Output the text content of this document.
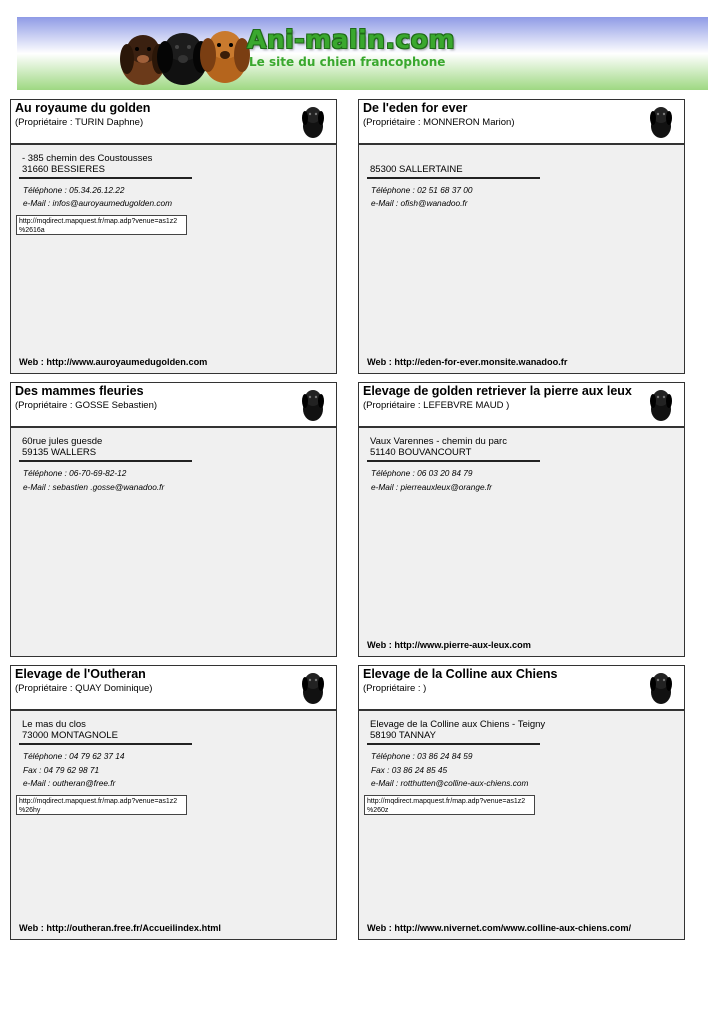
Ani-malin.com
Le site du chien francophone
Au royaume du golden
(Propriétaire : TURIN Daphne)
- 385 chemin des Coustousses
31660 BESSIERES
Téléphone : 05.34.26.12.22
e-Mail : infos@auroyaumedugolden.com
http://mqdirect.mapquest.fr/map.adp?venue=as1z2 %2616a
Web : http://www.auroyaumedugolden.com
De l'eden for ever
(Propriétaire : MONNERON Marion)
85300 SALLERTAINE
Téléphone : 02 51 68 37 00
e-Mail : ofish@wanadoo.fr
Web : http://eden-for-ever.monsite.wanadoo.fr
Des mammes fleuries
(Propriétaire : GOSSE Sebastien)
60rue jules guesde
59135 WALLERS
Téléphone : 06-70-69-82-12
e-Mail : sebastien .gosse@wanadoo.fr
Elevage de golden retriever la pierre aux leux
(Propriétaire : LEFEBVRE MAUD )
Vaux Varennes - chemin du parc
51140 BOUVANCOURT
Téléphone : 06 03 20 84 79
e-Mail : pierreauxleux@orange.fr
Web : http://www.pierre-aux-leux.com
Elevage de l'Outheran
(Propriétaire : QUAY Dominique)
Le mas du clos
73000 MONTAGNOLE
Téléphone : 04 79 62 37 14
Fax : 04 79 62 98 71
e-Mail : outheran@free.fr
http://mqdirect.mapquest.fr/map.adp?venue=as1z2 %26hy
Web : http://outheran.free.fr/Accueilindex.html
Elevage de la Colline aux Chiens
(Propriétaire : )
Elevage de la Colline aux Chiens - Teigny
58190 TANNAY
Téléphone : 03 86 24 84 59
Fax : 03 86 24 85 45
e-Mail : rotthutten@colline-aux-chiens.com
http://mqdirect.mapquest.fr/map.adp?venue=as1z2 %260z
Web : http://www.nivernet.com/www.colline-aux-chiens.com/
